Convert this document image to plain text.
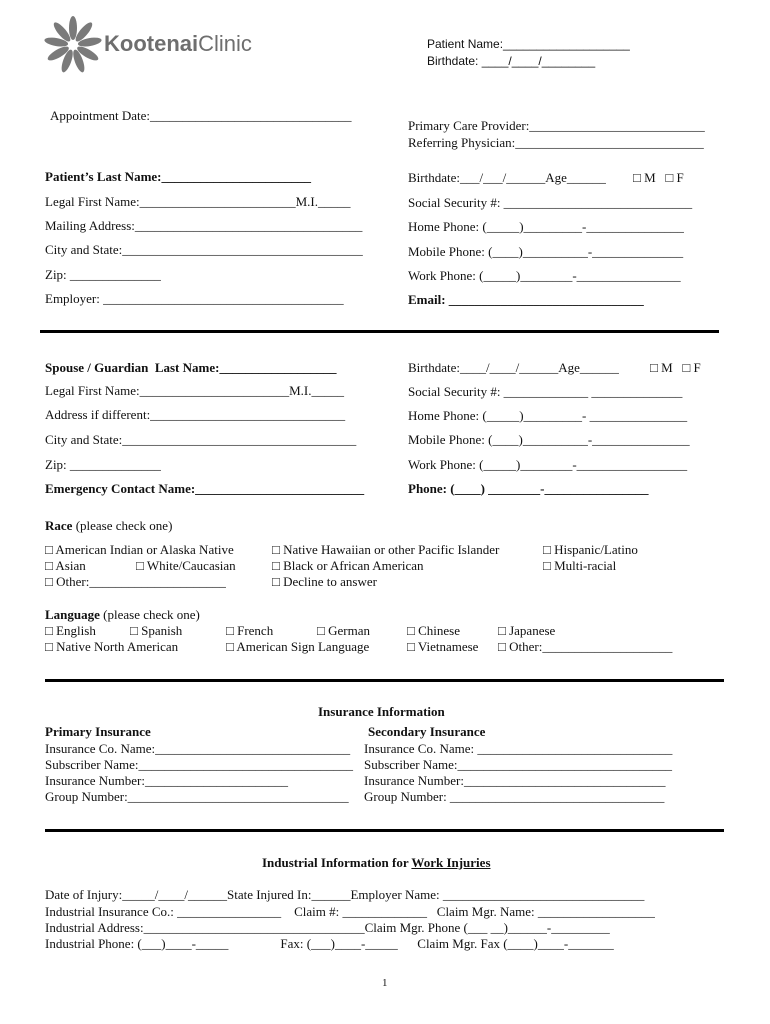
KootenaiClinic	Patient Name:___________________
Birthdate: ____/____/________
Appointment Date:_______________________________
Primary Care Provider:___________________________
Referring Physician:_____________________________
Patient’s Last Name:_______________________
Legal First Name:________________________M.I._____
Mailing Address:___________________________________
City and State:_____________________________________
Zip: ______________
Employer: _____________________________________
Birthdate:___/___/______Age______ □ M   □ F
Social Security #: _____________________________
Home Phone: (_____)_________-_______________
Mobile Phone: (____)__________-______________
Work Phone: (_____)________-________________
Email: ______________________________
Spouse / Guardian  Last Name:__________________
Legal First Name:_______________________M.I._____
Address if different:______________________________
City and State:____________________________________
Zip: ______________
Emergency Contact Name:__________________________
Birthdate:____/____/______Age______ □ M   □ F
Social Security #: _____________ ______________
Home Phone: (_____)_________- _______________
Mobile Phone: (____)__________-_______________
Work Phone: (_____)________-_________________
Phone: (____) ________-________________
Race (please check one)
□ American Indian or Alaska Native	□ Native Hawaiian or other Pacific Islander	□ Hispanic/Latino
□ Asian	□ White/Caucasian	□ Black or African American	□ Multi-racial
□ Other:_____________________	□ Decline to answer
Language (please check one)
□ English	□ Spanish	□ French	□ German	□ Chinese	□ Japanese
□ Native North American	□ American Sign Language	□ Vietnamese □ Other:____________________
Insurance Information
Primary Insurance	Secondary Insurance
Insurance Co. Name:______________________________
Subscriber Name:_________________________________
Insurance Number:______________________
Group Number:__________________________________
Insurance Co. Name: ______________________________
Subscriber Name:_________________________________
Insurance Number:_______________________________
Group Number: _________________________________
Industrial Information for Work Injuries
Date of Injury:_____/____/______State Injured In:______Employer Name: _______________________________
Industrial Insurance Co.: ________________    Claim #: _____________   Claim Mgr. Name: __________________
Industrial Address:__________________________________Claim Mgr. Phone (___ __)______-_________
Industrial Phone: (___)____-_____                Fax: (___)____-_____      Claim Mgr. Fax (____)____-_______
1
